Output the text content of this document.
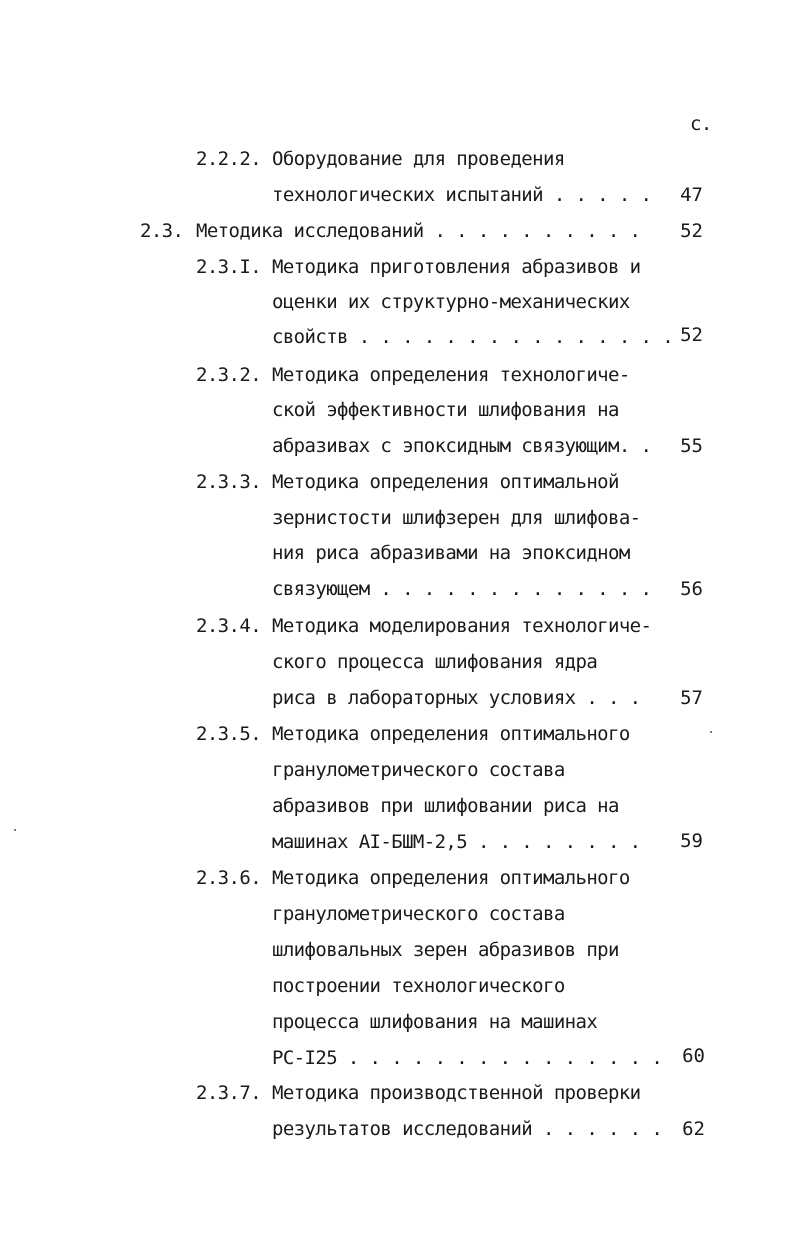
с.
2.2.2. Оборудование для проведения
технологических испытаний . . . . .	47
2.3. Методика исследований . . . . . . . . . .	52
2.3.I. Методика приготовления абразивов и
оценки их структурно-механических
свойств . . . . . . . . . . . . . . . 52
2.3.2. Методика определения технологиче-
ской эффективности шлифования на
абразивах с эпоксидным связующим. .	55
2.3.3. Методика определения оптимальной
зернистости шлифзерен для шлифова-
ния риса абразивами на эпоксидном
связующем . . . . . . . . . . . . .	56
2.3.4. Методика моделирования технологиче-
ского процесса шлифования ядра
риса в лабораторных условиях . . .	57
2.3.5. Методика определения оптимального
гранулометрического состава
абразивов при шлифовании риса на
машинах АI-БШМ-2,5 . . . . . . . .	59
2.3.6. Методика определения оптимального
гранулометрического состава
шлифовальных зерен абразивов при
построении технологического
процесса шлифования на машинах
РС-I25 . . . . . . . . . . . . . . .	60
2.3.7. Методика производственной проверки
результатов исследований . . . . . .	62
